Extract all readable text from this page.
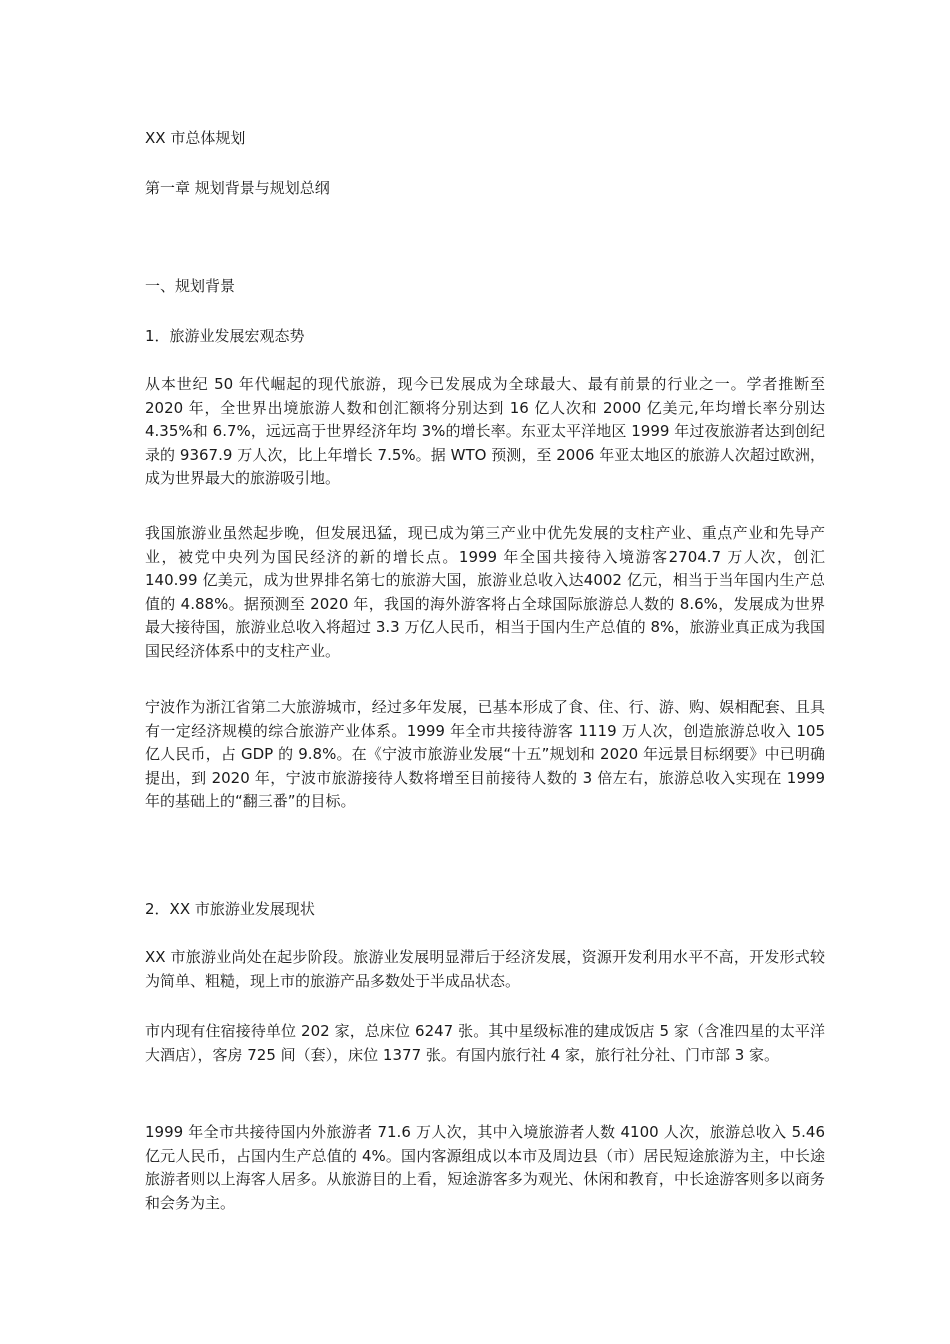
XX 市总体规划

第一章 规划背景与规划总纲

一、规划背景

1．旅游业发展宏观态势

从本世纪 50 年代崛起的现代旅游，现今已发展成为全球最大、最有前景的行业之一。学者推断至 2020 年，全世界出境旅游人数和创汇额将分别达到 16 亿人次和 2000 亿美元,年均增长率分别达 4.35%和 6.7%，远远高于世界经济年均 3%的增长率。东亚太平洋地区 1999 年过夜旅游者达到创纪录的 9367.9 万人次，比上年增长 7.5%。据 WTO 预测，至 2006 年亚太地区的旅游人次超过欧洲，成为世界最大的旅游吸引地。

我国旅游业虽然起步晚，但发展迅猛，现已成为第三产业中优先发展的支柱产业、重点产业和先导产业，被党中央列为国民经济的新的增长点。1999 年全国共接待入境游客2704.7 万人次，创汇 140.99 亿美元，成为世界排名第七的旅游大国，旅游业总收入达4002 亿元，相当于当年国内生产总值的 4.88%。据预测至 2020 年，我国的海外游客将占全球国际旅游总人数的 8.6%，发展成为世界最大接待国，旅游业总收入将超过 3.3 万亿人民币，相当于国内生产总值的 8%，旅游业真正成为我国国民经济体系中的支柱产业。

宁波作为浙江省第二大旅游城市，经过多年发展，已基本形成了食、住、行、游、购、娱相配套、且具有一定经济规模的综合旅游产业体系。1999 年全市共接待游客 1119 万人次，创造旅游总收入 105 亿人民币，占 GDP 的 9.8%。在《宁波市旅游业发展“十五”规划和 2020 年远景目标纲要》中已明确提出，到 2020 年，宁波市旅游接待人数将增至目前接待人数的 3 倍左右，旅游总收入实现在 1999 年的基础上的“翻三番”的目标。

2．XX 市旅游业发展现状

XX 市旅游业尚处在起步阶段。旅游业发展明显滞后于经济发展，资源开发利用水平不高，开发形式较为简单、粗糙，现上市的旅游产品多数处于半成品状态。

市内现有住宿接待单位 202 家，总床位 6247 张。其中星级标准的建成饭店 5 家（含准四星的太平洋大酒店），客房 725 间（套），床位 1377 张。有国内旅行社 4 家，旅行社分社、门市部 3 家。

1999 年全市共接待国内外旅游者 71.6 万人次，其中入境旅游者人数 4100 人次，旅游总收入 5.46 亿元人民币，占国内生产总值的 4%。国内客源组成以本市及周边县（市）居民短途旅游为主，中长途旅游者则以上海客人居多。从旅游目的上看，短途游客多为观光、休闲和教育，中长途游客则多以商务和会务为主。
